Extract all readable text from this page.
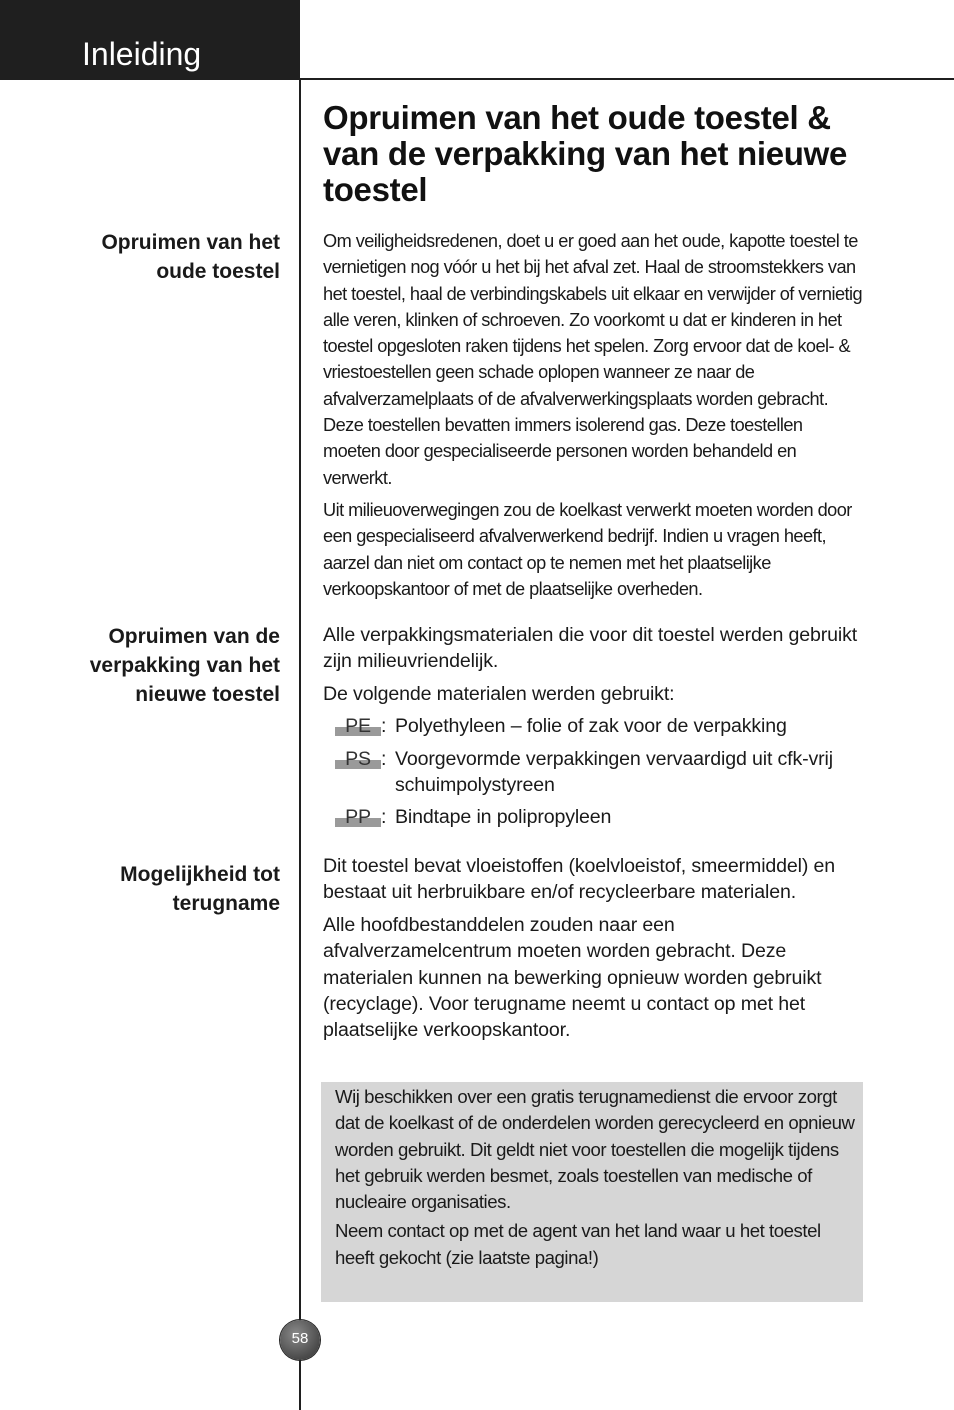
Inleiding
Opruimen van het oude toestel & van de verpakking van het nieuwe toestel
Opruimen van het
oude toestel

Om veiligheidsredenen, doet u er goed aan het oude, kapotte toestel te vernietigen nog vóór u het bij het afval zet. Haal de stroomstekkers van het toestel, haal de verbindingskabels uit elkaar en verwijder of vernietig alle veren, klinken of schroeven. Zo voorkomt u dat er kinderen in het toestel opgesloten raken tijdens het spelen. Zorg ervoor dat de koel- & vriestoestellen geen schade oplopen wanneer ze naar de afvalverzamelplaats of de afvalverwerkingsplaats worden gebracht. Deze toestellen bevatten immers isolerend gas. Deze toestellen moeten door gespecialiseerde personen worden behandeld en verwerkt.

Uit milieuoverwegingen zou de koelkast verwerkt moeten worden door een gespecialiseerd afvalverwerkend bedrijf. Indien u vragen heeft, aarzel dan niet om contact op te nemen met het plaatselijke verkoopskantoor of met de plaatselijke overheden.

Opruimen van de
verpakking van het
nieuwe toestel

Alle verpakkingsmaterialen die voor dit toestel werden gebruikt zijn milieuvriendelijk.

De volgende materialen werden gebruikt:

PE : Polyethyleen – folie of zak voor de verpakking
PS : Voorgevormde verpakkingen vervaardigd uit cfk-vrij schuimpolystyreen
PP : Bindtape in polipropyleen
Mogelijkheid tot
terugname

Dit toestel bevat vloeistoffen (koelvloeistof, smeermiddel) en bestaat uit herbruikbare en/of recycleerbare materialen.

Alle hoofdbestanddelen zouden naar een afvalverzamelcentrum moeten worden gebracht. Deze materialen kunnen na bewerking opnieuw worden gebruikt (recyclage). Voor terugname neemt u contact op met het plaatselijke verkoopskantoor.

Wij beschikken over een gratis terugnamedienst die ervoor zorgt dat de koelkast of de onderdelen worden gerecycleerd en opnieuw worden gebruikt. Dit geldt niet voor toestellen die mogelijk tijdens het gebruik werden besmet, zoals toestellen van medische of nucleaire organisaties.

Neem contact op met de agent van het land waar u het toestel heeft gekocht (zie laatste pagina!)

58
